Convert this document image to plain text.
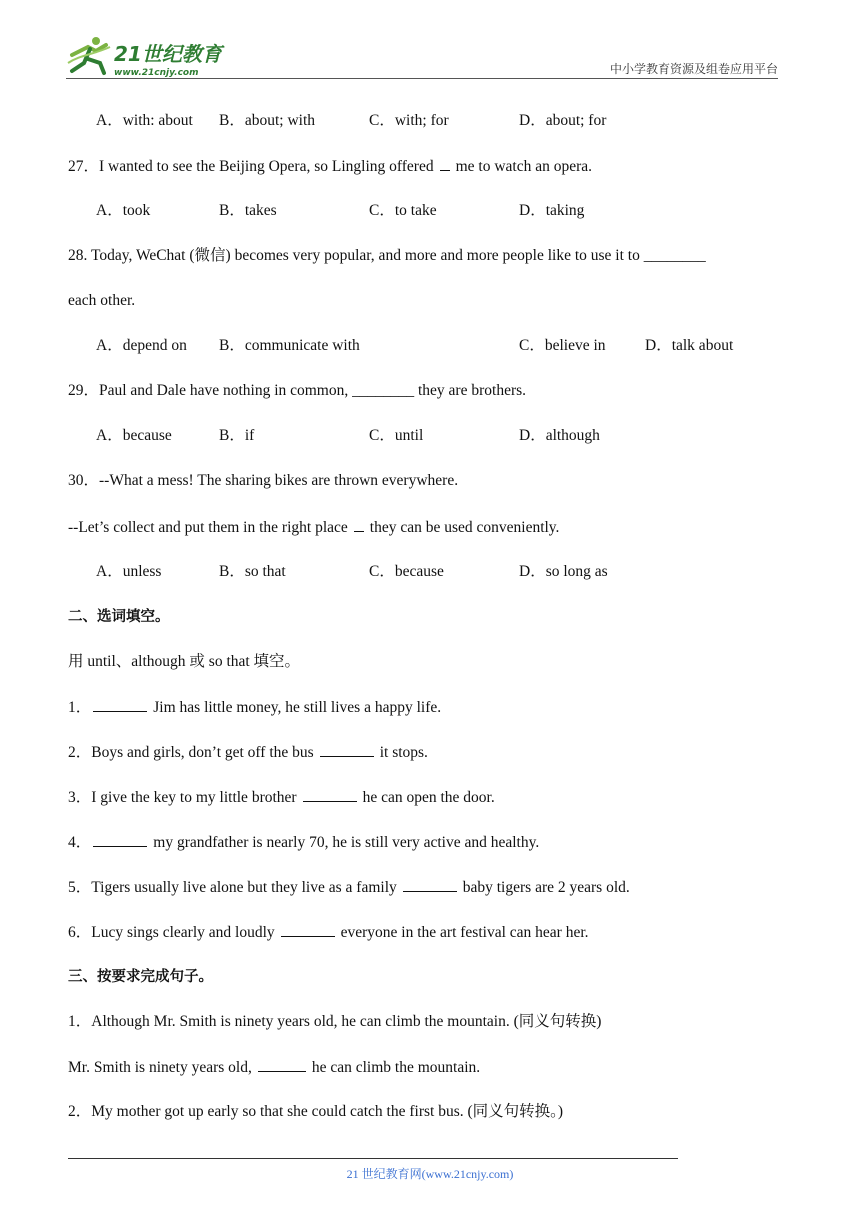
21世纪教育
www.21cnjy.com	中小学教育资源及组卷应用平台
A．with: about B．about; with	C．with; for	D．about; for
27．I wanted to see the Beijing Opera, so Lingling offered me to watch an opera.
A．took	B．takes	C．to take	D．taking
28. Today, WeChat (微信) becomes very popular, and more and more people like to use it to ________
each other.
A．depend on B．communicate with	C．believe in	D．talk about
29．Paul and Dale have nothing in common, ________ they are brothers.
A．because	B．if	C．until	D．although
30．--What a mess! The sharing bikes are thrown everywhere.
--Let’s collect and put them in the right place they can be used conveniently.
A．unless	B．so that	C．because	D．so long as
二、选词填空。
用 until、although 或 so that 填空。
1．	Jim has little money, he still lives a happy life.
2．Boys and girls, don’t get off the bus	it stops.
3．I give the key to my little brother	he can open the door.
4．	my grandfather is nearly 70, he is still very active and healthy.
5．Tigers usually live alone but they live as a family	baby tigers are 2 years old.
6．Lucy sings clearly and loudly	everyone in the art festival can hear her.
三、按要求完成句子。
1．Although Mr. Smith is ninety years old, he can climb the mountain. (同义句转换)
Mr. Smith is ninety years old,	he can climb the mountain.
2．My mother got up early so that she could catch the first bus. (同义句转换。)
21 世纪教育网(www.21cnjy.com)
